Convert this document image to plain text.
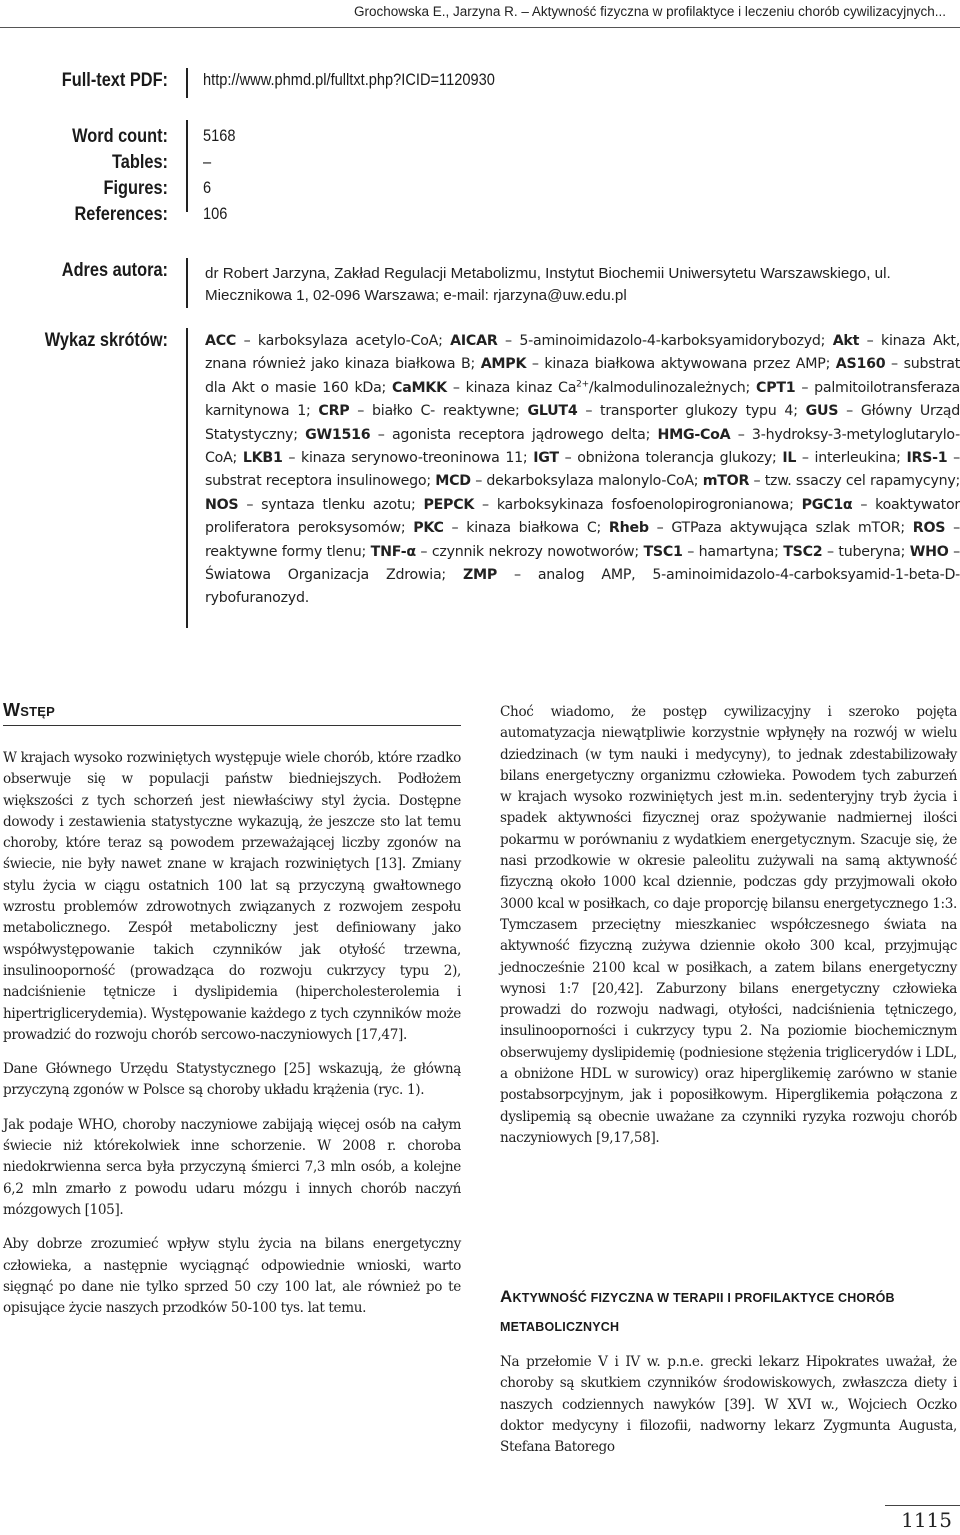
Grochowska E., Jarzyna R. – Aktywność fizyczna w profilaktyce i leczeniu chorób cywilizacyjnych...
Full-text PDF: http://www.phmd.pl/fulltxt.php?ICID=1120930
Word count: 5168
Tables: –
Figures: 6
References: 106
Adres autora: dr Robert Jarzyna, Zakład Regulacji Metabolizmu, Instytut Biochemii Uniwersytetu Warszawskiego, ul. Miecznikowa 1, 02-096 Warszawa; e-mail: rjarzyna@uw.edu.pl
Wykaz skrótów:	ACC – karboksylaza acetylo-CoA; AICAR – 5-aminoimidazolo-4-karboksyamidorybozyd; Akt – kinaza Akt, znana również jako kinaza białkowa B; AMPK – kinaza białkowa aktywowana przez AMP; AS160 – substrat dla Akt o masie 160 kDa; CaMKK – kinaza kinaz $Ca^{2+}$/kalmodulinozależnych; CPT1 – palmitoilotransferaza karnitynowa 1; CRP – białko C- reaktywne; GLUT4 – transporter glukozy typu 4; GUS – Główny Urząd Statystyczny; GW1516 – agonista receptora jądrowego delta; HMG-CoA – 3-hydroksy-3-metyloglutarylo-CoA; LKB1 – kinaza serynowo-treoninowa 11; IGT – obniżona tolerancja glukozy; IL – interleukina; IRS-1 – substrat receptora insulinowego; MCD – dekarboksylaza malonylo-CoA; mTOR – tzw. ssaczy cel rapamycyny; NOS – syntaza tlenku azotu; PEPCK – karboksykinaza fosfoenolopirogronianowa; PGC1α – koaktywator proliferatora peroksysomów; PKC – kinaza białkowa C; Rheb – GTPaza aktywująca szlak mTOR; ROS – reaktywne formy tlenu; TNF-α – czynnik nekrozy nowotworów; TSC1 – hamartyna; TSC2 – tuberyna; WHO – Światowa Organizacja Zdrowia; ZMP – analog AMP, 5-aminoimidazolo-4-carboksyamid-1-beta-D-rybofuranozyd.
WSTĘP

W krajach wysoko rozwiniętych występuje wiele chorób, które rzadko obserwuje się w populacji państw biedniejszych. Podłożem większości z tych schorzeń jest niewłaściwy styl życia. Dostępne dowody i zestawienia statystyczne wykazują, że jeszcze sto lat temu choroby, które teraz są powodem przeważającej liczby zgonów na świecie, nie były nawet znane w krajach rozwiniętych [13]. Zmiany stylu życia w ciągu ostatnich 100 lat są przyczyną gwałtownego wzrostu problemów zdrowotnych związanych z rozwojem zespołu metabolicznego. Zespół metaboliczny jest definiowany jako współwystępowanie takich czynników jak otyłość trzewna, insulinooporność (prowadząca do rozwoju cukrzycy typu 2), nadciśnienie tętnicze i dyslipidemia (hipercholesterolemia i hipertriglicerydemia). Występowanie każdego z tych czynników może prowadzić do rozwoju chorób sercowo-naczyniowych [17,47].

Dane Głównego Urzędu Statystycznego [25] wskazują, że główną przyczyną zgonów w Polsce są choroby układu krążenia (ryc. 1).

Jak podaje WHO, choroby naczyniowe zabijają więcej osób na całym świecie niż którekolwiek inne schorzenie. W 2008 r. choroba niedokrwienna serca była przyczyną śmierci 7,3 mln osób, a kolejne 6,2 mln zmarło z powodu udaru mózgu i innych chorób naczyń mózgowych [105].

Aby dobrze zrozumieć wpływ stylu życia na bilans energetyczny człowieka, a następnie wyciągnąć odpowiednie wnioski, warto sięgnąć po dane nie tylko sprzed 50 czy 100 lat, ale również po te opisujące życie naszych przodków 50-100 tys. lat temu.

Choć wiadomo, że postęp cywilizacyjny i szeroko pojęta automatyzacja niewątpliwie korzystnie wpłynęły na rozwój w wielu dziedzinach (w tym nauki i medycyny), to jednak zdestabilizowały bilans energetyczny organizmu człowieka. Powodem tych zaburzeń w krajach wysoko rozwiniętych jest m.in. sedenteryjny tryb życia i spadek aktywności fizycznej oraz spożywanie nadmiernej ilości pokarmu w porównaniu z wydatkiem energetycznym. Szacuje się, że nasi przodkowie w okresie paleolitu zużywali na samą aktywność fizyczną około 1000 kcal dziennie, podczas gdy przyjmowali około 3000 kcal w posiłkach, co daje proporcję bilansu energetycznego 1:3. Tymczasem przeciętny mieszkaniec współczesnego świata na aktywność fizyczną zużywa dziennie około 300 kcal, przyjmując jednocześnie 2100 kcal w posiłkach, a zatem bilans energetyczny wynosi 1:7 [20,42]. Zaburzony bilans energetyczny człowieka prowadzi do rozwoju nadwagi, otyłości, nadciśnienia tętniczego, insulinooporności i cukrzycy typu 2. Na poziomie biochemicznym obserwujemy dyslipidemię (podniesione stężenia triglicerydów i LDL, a obniżone HDL w surowicy) oraz hiperglikemię zarówno w stanie postabsorpcyjnym, jak i poposiłkowym. Hiperglikemia połączona z dyslipemią są obecnie uważane za czynniki ryzyka rozwoju chorób naczyniowych [9,17,58].

AKTYWNOŚĆ FIZYCZNA W TERAPII I PROFILAKTYCE CHORÓB
METABOLICZNYCH

Na przełomie V i IV w. p.n.e. grecki lekarz Hipokrates uważał, że choroby są skutkiem czynników środowiskowych, zwłaszcza diety i naszych codziennych nawyków [39]. W XVI w., Wojciech Oczko doktor medycyny i filozofii, nadworny lekarz Zygmunta Augusta, Stefana Batorego

1115
